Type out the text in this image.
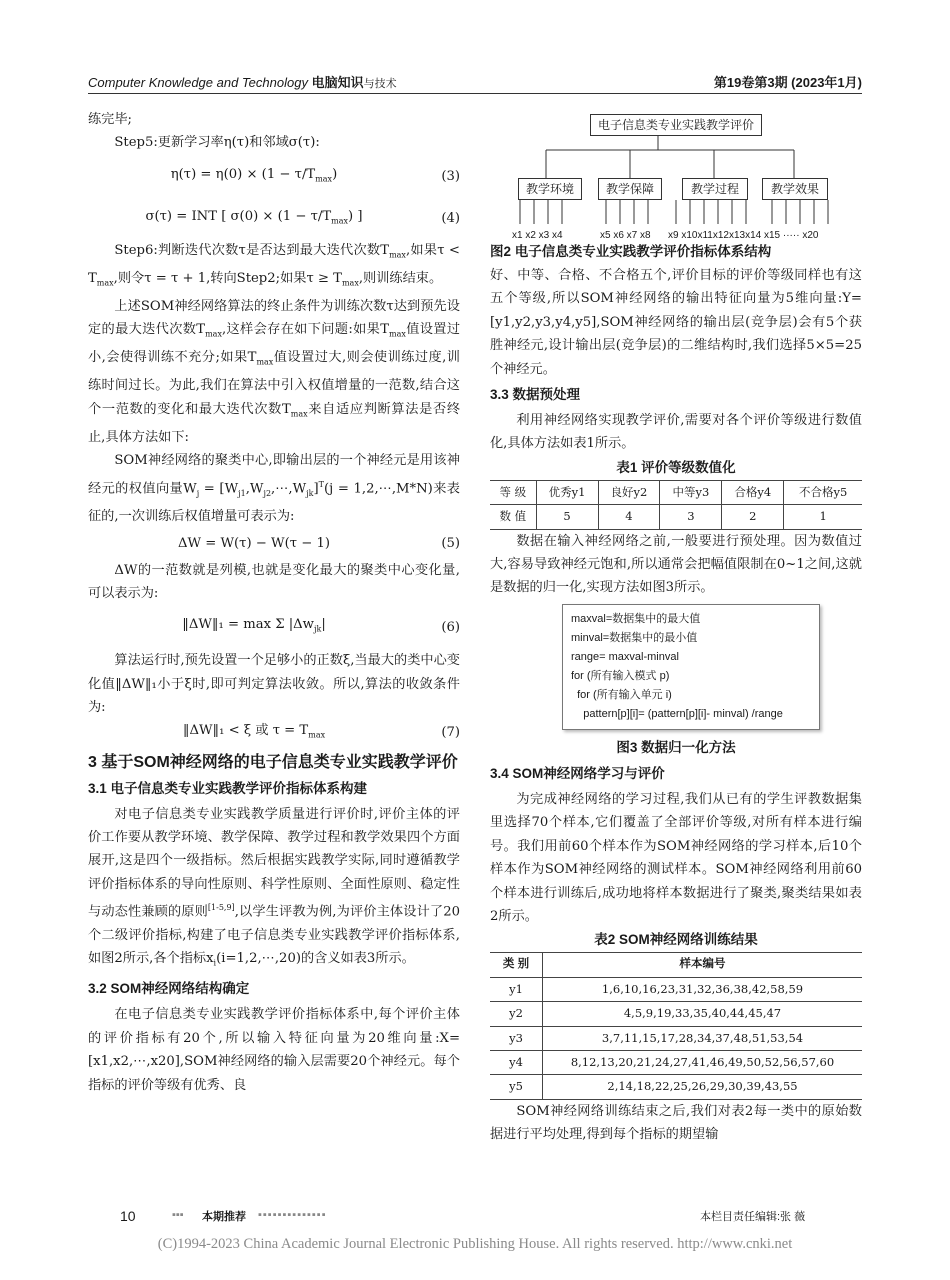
Computer Knowledge and Technology 电脑知识与技术	第19卷第3期 (2023年1月)

练完毕;

Step5:更新学习率η(τ)和邻域σ(τ):

$\eta(\tau) = \eta(0) \times (1 - \tau/T_{max})$	(3)
σ(τ) = INT [ $\sigma(0) \times (1 - \tau/T_{max})$ ]	(4)

Step6:判断迭代次数τ是否达到最大迭代次数$T_{max}$,如果$\tau < T_{max}$,则令τ = τ + 1,转向Step2;如果$\tau \ge T_{max}$,则训练结束。

上述SOM神经网络算法的终止条件为训练次数τ达到预先设定的最大迭代次数$T_{max}$,这样会存在如下问题:如果$T_{max}$值设置过小,会使得训练不充分;如果$T_{max}$值设置过大,则会使训练过度,训练时间过长。为此,我们在算法中引入权值增量的一范数,结合这个一范数的变化和最大迭代次数$T_{max}$来自适应判断算法是否终止,具体方法如下:

SOM神经网络的聚类中心,即输出层的一个神经元是用该神经元的权值向量$W_j$ = $[W_{j1},W_{j2},\cdots,W_{jk}]^T(j$ = 1,2,⋯,M*N)来表征的,一次训练后权值增量可表示为:

ΔW = W(τ) − W(τ − 1)	(5)

ΔW的一范数就是列模,也就是变化最大的聚类中心变化量,可以表示为:

‖ΔW‖₁ = max Σ $|\Delta w_{jk}|$	(6)

算法运行时,预先设置一个足够小的正数ξ,当最大的类中心变化值‖ΔW‖₁小于ξ时,即可判定算法收敛。所以,算法的收敛条件为:

‖ΔW‖₁ < ξ 或 $\tau = T_{max}$	(7)
3 基于SOM神经网络的电子信息类专业实践教学评价
3.1 电子信息类专业实践教学评价指标体系构建

对电子信息类专业实践教学质量进行评价时,评价主体的评价工作要从教学环境、教学保障、教学过程和教学效果四个方面展开,这是四个一级指标。然后根据实践教学实际,同时遵循教学评价指标体系的导向性原则、科学性原则、全面性原则、稳定性与动态性兼顾的原则[1-5,9],以学生评教为例,为评价主体设计了20个二级评价指标,构建了电子信息类专业实践教学评价指标体系,如图2所示,各个指标$x_i(i=1,2,\cdots,20)$的含义如表3所示。

3.2 SOM神经网络结构确定

在电子信息类专业实践教学评价指标体系中,每个评价主体的评价指标有20个,所以输入特征向量为20维向量:X=[x1,x2,⋯,x20],SOM神经网络的输入层需要20个神经元。每个指标的评价等级有优秀、良

电子信息类专业实践教学评价
教学环境	教学保障	教学过程	教学效果
x1 x2 x3 x4	x5 x6 x7 x8 x9 x10x11x12x13x14 x15 ····· x20
图2 电子信息类专业实践教学评价指标体系结构

好、中等、合格、不合格五个,评价目标的评价等级同样也有这五个等级,所以SOM神经网络的输出特征向量为5维向量:Y=[y1,y2,y3,y4,y5],SOM神经网络的输出层(竞争层)会有5个获胜神经元,设计输出层(竞争层)的二维结构时,我们选择5×5=25个神经元。

3.3 数据预处理

利用神经网络实现教学评价,需要对各个评价等级进行数值化,具体方法如表1所示。

表1 评价等级数值化
等 级	优秀y1	良好y2	中等y3	合格y4	不合格y5
数 值	5	4	3	2	1

数据在输入神经网络之前,一般要进行预处理。因为数值过大,容易导致神经元饱和,所以通常会把幅值限制在0~1之间,这就是数据的归一化,实现方法如图3所示。

maxval=数据集中的最大值
minval=数据集中的最小值
range= maxval-minval
for (所有输入模式 p)
for (所有输入单元 i)
pattern[p][i]= (pattern[p][i]- minval) /range
图3 数据归一化方法
3.4 SOM神经网络学习与评价

为完成神经网络的学习过程,我们从已有的学生评教数据集里选择70个样本,它们覆盖了全部评价等级,对所有样本进行编号。我们用前60个样本作为SOM神经网络的学习样本,后10个样本作为SOM神经网络的测试样本。SOM神经网络利用前60个样本进行训练后,成功地将样本数据进行了聚类,聚类结果如表2所示。

表2 SOM神经网络训练结果
类 别	样本编号
y1	1,6,10,16,23,31,32,36,38,42,58,59
y2	4,5,9,19,33,35,40,44,45,47
y3	3,7,11,15,17,28,34,37,48,51,53,54
y4	8,12,13,20,21,24,27,41,46,49,50,52,56,57,60
y5	2,14,18,22,25,26,29,30,39,43,55

SOM神经网络训练结束之后,我们对表2每一类中的原始数据进行平均处理,得到每个指标的期望输

10	▪▪▪ 本期推荐 ▪▪▪▪▪▪▪▪▪▪▪▪▪▪	本栏目责任编辑:张 薇
(C)1994-2023 China Academic Journal Electronic Publishing House. All rights reserved. http://www.cnki.net
